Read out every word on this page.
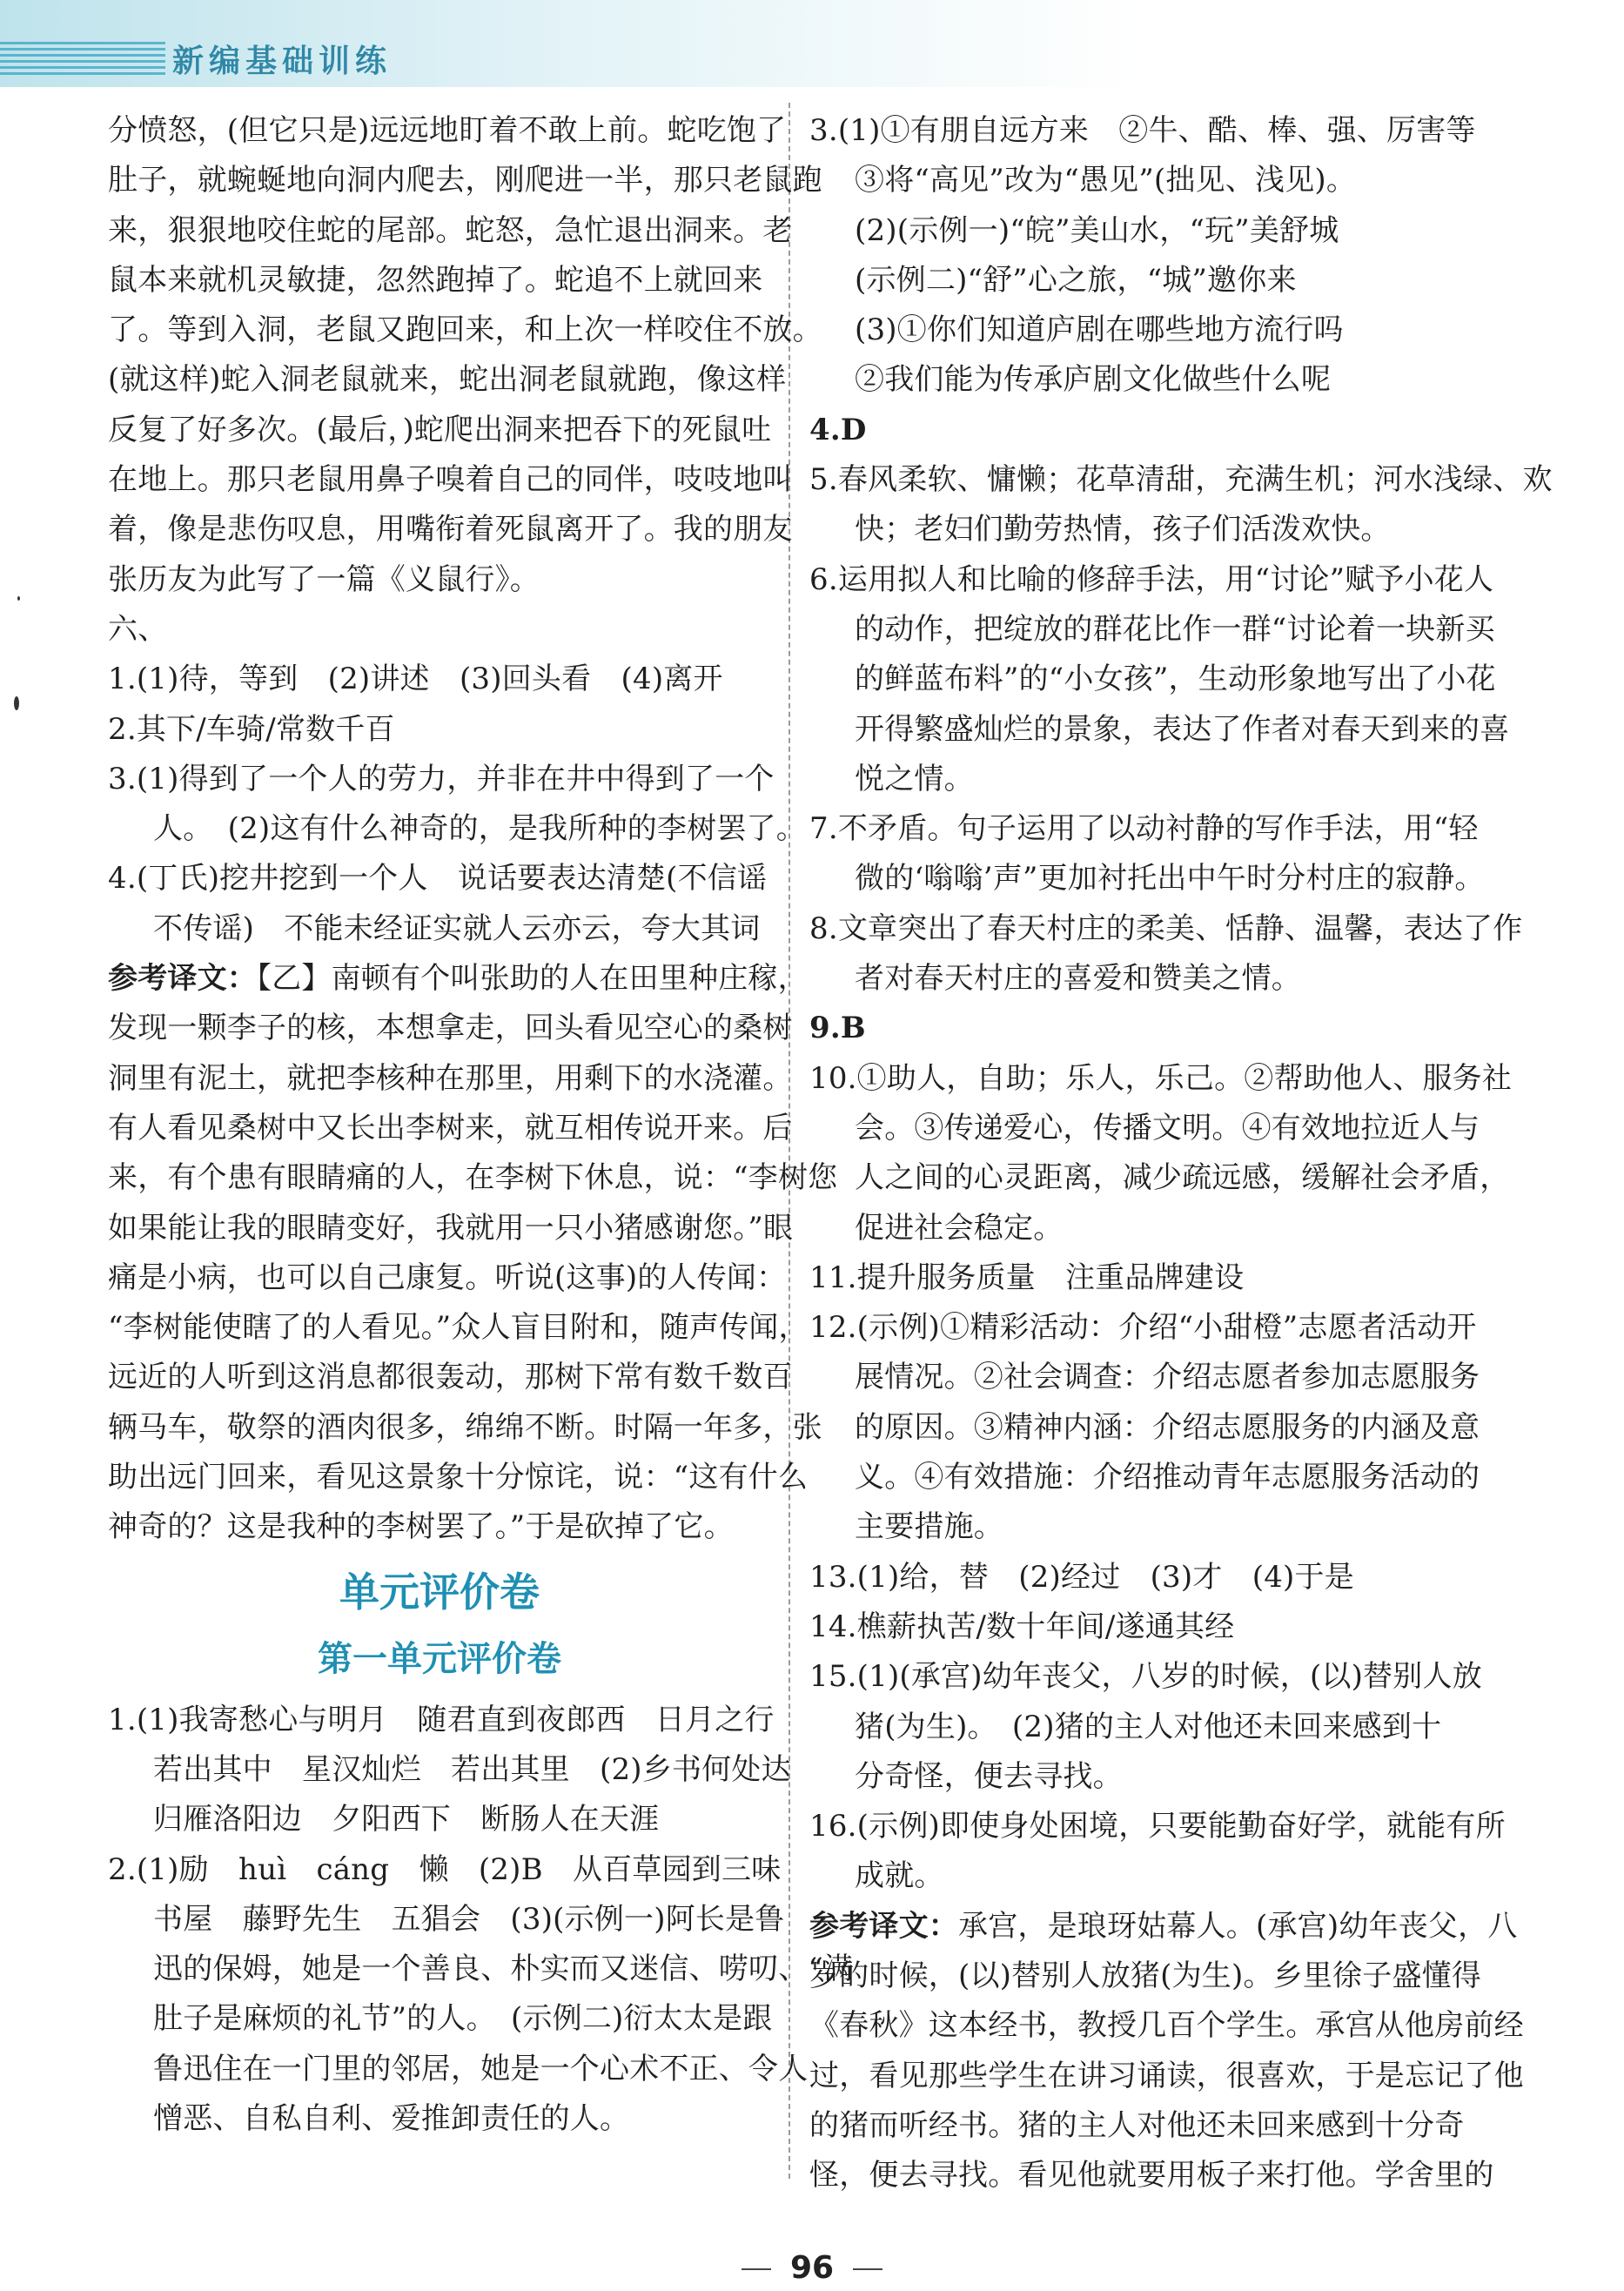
新编基础训练
分愤怒，(但它只是)远远地盯着不敢上前。蛇吃饱了
肚子，就蜿蜒地向洞内爬去，刚爬进一半，那只老鼠跑
来，狠狠地咬住蛇的尾部。蛇怒，急忙退出洞来。老
鼠本来就机灵敏捷，忽然跑掉了。蛇追不上就回来
了。等到入洞，老鼠又跑回来，和上次一样咬住不放。
(就这样)蛇入洞老鼠就来，蛇出洞老鼠就跑，像这样
反复了好多次。(最后，)蛇爬出洞来把吞下的死鼠吐
在地上。那只老鼠用鼻子嗅着自己的同伴，吱吱地叫
着，像是悲伤叹息，用嘴衔着死鼠离开了。我的朋友
张历友为此写了一篇《义鼠行》。
六、
1.(1)待，等到　(2)讲述　(3)回头看　(4)离开
2.其下/车骑/常数千百
3.(1)得到了一个人的劳力，并非在井中得到了一个
人。　(2)这有什么神奇的，是我所种的李树罢了。
4.(丁氏)挖井挖到一个人　说话要表达清楚(不信谣
不传谣)　不能未经证实就人云亦云，夸大其词
参考译文：【乙】南顿有个叫张助的人在田里种庄稼，
发现一颗李子的核，本想拿走，回头看见空心的桑树
洞里有泥土，就把李核种在那里，用剩下的水浇灌。
有人看见桑树中又长出李树来，就互相传说开来。后
来，有个患有眼睛痛的人，在李树下休息，说：“李树您
如果能让我的眼睛变好，我就用一只小猪感谢您。”眼
痛是小病，也可以自己康复。听说(这事)的人传闻：
“李树能使瞎了的人看见。”众人盲目附和，随声传闻，
远近的人听到这消息都很轰动，那树下常有数千数百
辆马车，敬祭的酒肉很多，绵绵不断。时隔一年多，张
助出远门回来，看见这景象十分惊诧，说：“这有什么
神奇的？这是我种的李树罢了。”于是砍掉了它。
单元评价卷
第一单元评价卷
1.(1)我寄愁心与明月　随君直到夜郎西　日月之行
若出其中　星汉灿烂　若出其里　(2)乡书何处达
归雁洛阳边　夕阳西下　断肠人在天涯
2.(1)励　huì　cáng　懒　(2)B　从百草园到三味
书屋　藤野先生　五猖会　(3)(示例一)阿长是鲁
迅的保姆，她是一个善良、朴实而又迷信、唠叨、“满
肚子是麻烦的礼节”的人。　(示例二)衍太太是跟
鲁迅住在一门里的邻居，她是一个心术不正、令人
憎恶、自私自利、爱推卸责任的人。
3.(1)①有朋自远方来　②牛、酷、棒、强、厉害等
③将“高见”改为“愚见”(拙见、浅见)。
(2)(示例一)“皖”美山水，“玩”美舒城
(示例二)“舒”心之旅，“城”邀你来
(3)①你们知道庐剧在哪些地方流行吗
②我们能为传承庐剧文化做些什么呢
4.D
5.春风柔软、慵懒；花草清甜，充满生机；河水浅绿、欢
快；老妇们勤劳热情，孩子们活泼欢快。
6.运用拟人和比喻的修辞手法，用“讨论”赋予小花人
的动作，把绽放的群花比作一群“讨论着一块新买
的鲜蓝布料”的“小女孩”，生动形象地写出了小花
开得繁盛灿烂的景象，表达了作者对春天到来的喜
悦之情。
7.不矛盾。句子运用了以动衬静的写作手法，用“轻
微的‘嗡嗡’声”更加衬托出中午时分村庄的寂静。
8.文章突出了春天村庄的柔美、恬静、温馨，表达了作
者对春天村庄的喜爱和赞美之情。
9.B
10.①助人，自助；乐人，乐己。②帮助他人、服务社
会。③传递爱心，传播文明。④有效地拉近人与
人之间的心灵距离，减少疏远感，缓解社会矛盾，
促进社会稳定。
11.提升服务质量　注重品牌建设
12.(示例)①精彩活动：介绍“小甜橙”志愿者活动开
展情况。②社会调查：介绍志愿者参加志愿服务
的原因。③精神内涵：介绍志愿服务的内涵及意
义。④有效措施：介绍推动青年志愿服务活动的
主要措施。
13.(1)给，替　(2)经过　(3)才　(4)于是
14.樵薪执苦/数十年间/遂通其经
15.(1)(承宫)幼年丧父，八岁的时候，(以)替别人放
猪(为生)。　(2)猪的主人对他还未回来感到十
分奇怪，便去寻找。
16.(示例)即使身处困境，只要能勤奋好学，就能有所
成就。
参考译文：承宫，是琅玡姑幕人。(承宫)幼年丧父，八
岁的时候，(以)替别人放猪(为生)。乡里徐子盛懂得
《春秋》这本经书，教授几百个学生。承宫从他房前经
过，看见那些学生在讲习诵读，很喜欢，于是忘记了他
的猪而听经书。猪的主人对他还未回来感到十分奇
怪，便去寻找。看见他就要用板子来打他。学舍里的
96
